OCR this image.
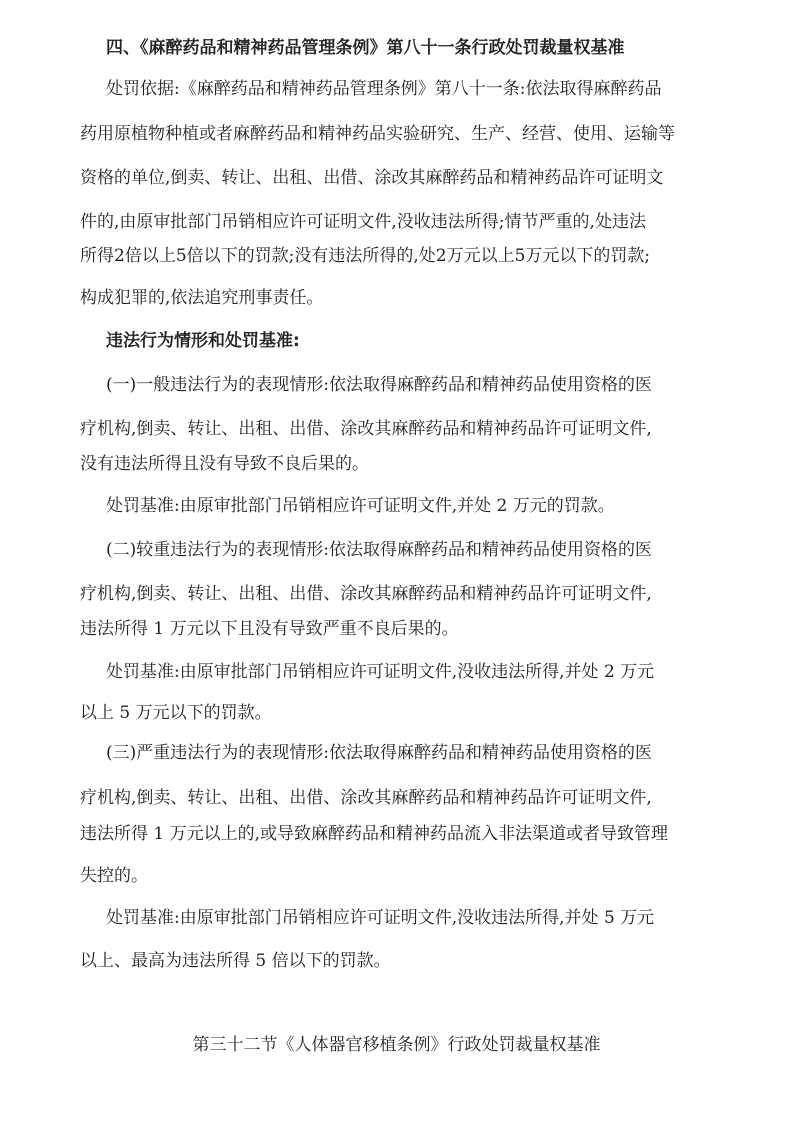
四、《麻醉药品和精神药品管理条例》第八十一条行政处罚裁量权基准
处罚依据:《麻醉药品和精神药品管理条例》第八十一条:依法取得麻醉药品
药用原植物种植或者麻醉药品和精神药品实验研究、生产、经营、使用、运输等
资格的单位,倒卖、转让、出租、出借、涂改其麻醉药品和精神药品许可证明文
件的,由原审批部门吊销相应许可证明文件,没收违法所得;情节严重的,处违法
所得2倍以上5倍以下的罚款;没有违法所得的,处2万元以上5万元以下的罚款;
构成犯罪的,依法追究刑事责任。
违法行为情形和处罚基准:
(一)一般违法行为的表现情形:依法取得麻醉药品和精神药品使用资格的医
疗机构,倒卖、转让、出租、出借、涂改其麻醉药品和精神药品许可证明文件,
没有违法所得且没有导致不良后果的。
处罚基准:由原审批部门吊销相应许可证明文件,并处 2 万元的罚款。
(二)较重违法行为的表现情形:依法取得麻醉药品和精神药品使用资格的医
疗机构,倒卖、转让、出租、出借、涂改其麻醉药品和精神药品许可证明文件,
违法所得 1 万元以下且没有导致严重不良后果的。
处罚基准:由原审批部门吊销相应许可证明文件,没收违法所得,并处 2 万元
以上 5 万元以下的罚款。
(三)严重违法行为的表现情形:依法取得麻醉药品和精神药品使用资格的医
疗机构,倒卖、转让、出租、出借、涂改其麻醉药品和精神药品许可证明文件,
违法所得 1 万元以上的,或导致麻醉药品和精神药品流入非法渠道或者导致管理
失控的。
处罚基准:由原审批部门吊销相应许可证明文件,没收违法所得,并处 5 万元
以上、最高为违法所得 5 倍以下的罚款。
第三十二节《人体器官移植条例》行政处罚裁量权基准
